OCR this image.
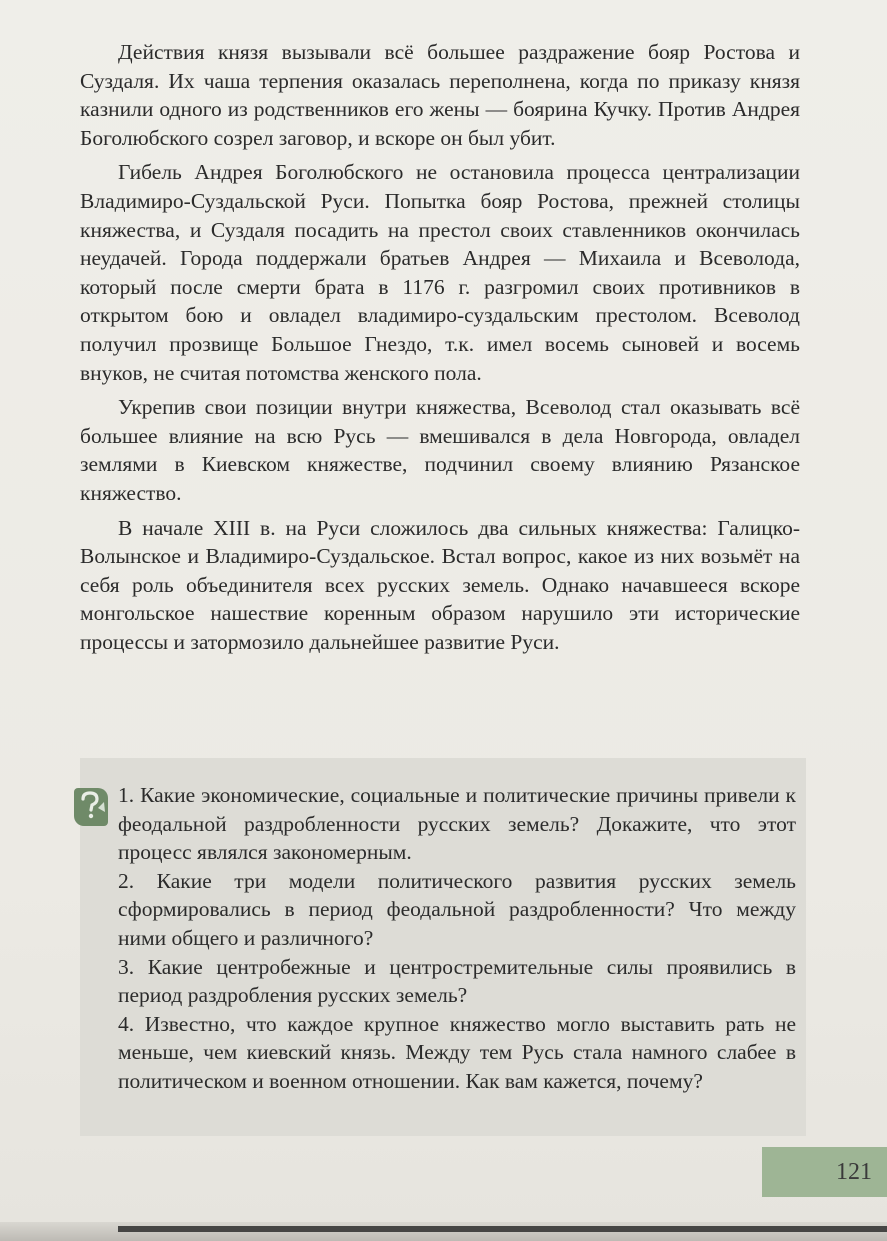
Действия князя вызывали всё большее раздражение бояр Ростова и Суздаля. Их чаша терпения оказалась переполнена, когда по приказу князя казнили одного из родственников его жены — боярина Кучку. Против Андрея Боголюбского созрел заговор, и вскоре он был убит.

Гибель Андрея Боголюбского не остановила процесса централизации Владимиро-Суздальской Руси. Попытка бояр Ростова, прежней столицы княжества, и Суздаля посадить на престол своих ставленников окончилась неудачей. Города поддержали братьев Андрея — Михаила и Всеволода, который после смерти брата в 1176 г. разгромил своих противников в открытом бою и овладел владимиро-суздальским престолом. Всеволод получил прозвище Большое Гнездо, т.к. имел восемь сыновей и восемь внуков, не считая потомства женского пола.

Укрепив свои позиции внутри княжества, Всеволод стал оказывать всё большее влияние на всю Русь — вмешивался в дела Новгорода, овладел землями в Киевском княжестве, подчинил своему влиянию Рязанское княжество.

В начале XIII в. на Руси сложилось два сильных княжества: Галицко-Волынское и Владимиро-Суздальское. Встал вопрос, какое из них возьмёт на себя роль объединителя всех русских земель. Однако начавшееся вскоре монгольское нашествие коренным образом нарушило эти исторические процессы и затормозило дальнейшее развитие Руси.

1. Какие экономические, социальные и политические причины привели к феодальной раздробленности русских земель? Докажите, что этот процесс являлся закономерным.

2. Какие три модели политического развития русских земель сформировались в период феодальной раздробленности? Что между ними общего и различного?

3. Какие центробежные и центростремительные силы проявились в период раздробления русских земель?

4. Известно, что каждое крупное княжество могло выставить рать не меньше, чем киевский князь. Между тем Русь стала намного слабее в политическом и военном отношении. Как вам кажется, почему?

121
